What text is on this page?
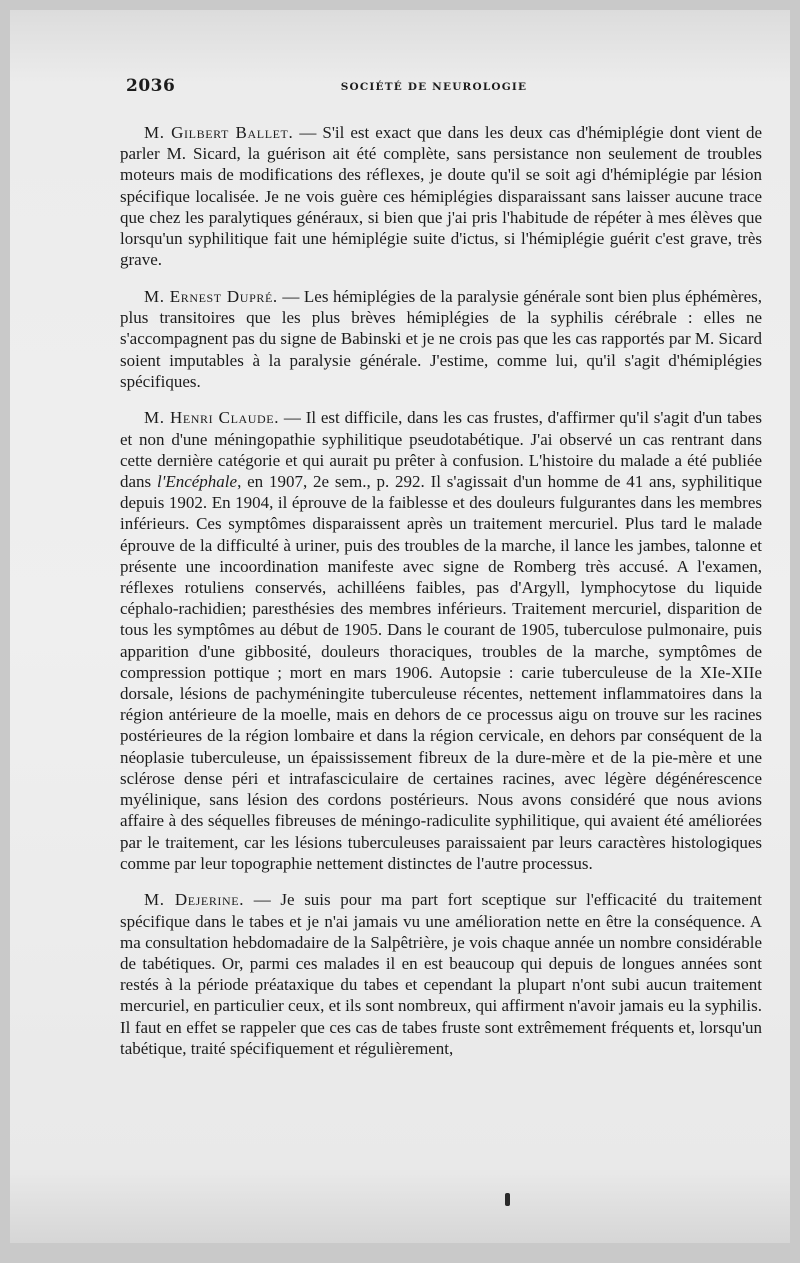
2036	SOCIÉTÉ DE NEUROLOGIE

M. Gilbert Ballet. — S'il est exact que dans les deux cas d'hémiplégie dont vient de parler M. Sicard, la guérison ait été complète, sans persistance non seulement de troubles moteurs mais de modifications des réflexes, je doute qu'il se soit agi d'hémiplégie par lésion spécifique localisée. Je ne vois guère ces hémiplégies disparaissant sans laisser aucune trace que chez les paralytiques généraux, si bien que j'ai pris l'habitude de répéter à mes élèves que lorsqu'un syphilitique fait une hémiplégie suite d'ictus, si l'hémiplégie guérit c'est grave, très grave.

M. Ernest Dupré. — Les hémiplégies de la paralysie générale sont bien plus éphémères, plus transitoires que les plus brèves hémiplégies de la syphilis cérébrale : elles ne s'accompagnent pas du signe de Babinski et je ne crois pas que les cas rapportés par M. Sicard soient imputables à la paralysie générale. J'estime, comme lui, qu'il s'agit d'hémiplégies spécifiques.

M. Henri Claude. — Il est difficile, dans les cas frustes, d'affirmer qu'il s'agit d'un tabes et non d'une méningopathie syphilitique pseudotabétique. J'ai observé un cas rentrant dans cette dernière catégorie et qui aurait pu prêter à confusion. L'histoire du malade a été publiée dans l'Encéphale, en 1907, 2e sem., p. 292. Il s'agissait d'un homme de 41 ans, syphilitique depuis 1902. En 1904, il éprouve de la faiblesse et des douleurs fulgurantes dans les membres inférieurs. Ces symptômes disparaissent après un traitement mercuriel. Plus tard le malade éprouve de la difficulté à uriner, puis des troubles de la marche, il lance les jambes, talonne et présente une incoordination manifeste avec signe de Romberg très accusé. A l'examen, réflexes rotuliens conservés, achilléens faibles, pas d'Argyll, lymphocytose du liquide céphalo-rachidien; paresthésies des membres inférieurs. Traitement mercuriel, disparition de tous les symptômes au début de 1905. Dans le courant de 1905, tuberculose pulmonaire, puis apparition d'une gibbosité, douleurs thoraciques, troubles de la marche, symptômes de compression pottique ; mort en mars 1906. Autopsie : carie tuberculeuse de la XIe-XIIe dorsale, lésions de pachyméningite tuberculeuse récentes, nettement inflammatoires dans la région antérieure de la moelle, mais en dehors de ce processus aigu on trouve sur les racines postérieures de la région lombaire et dans la région cervicale, en dehors par conséquent de la néoplasie tuberculeuse, un épaississement fibreux de la dure-mère et de la pie-mère et une sclérose dense péri et intrafasciculaire de certaines racines, avec légère dégénérescence myélinique, sans lésion des cordons postérieurs. Nous avons considéré que nous avions affaire à des séquelles fibreuses de méningo-radiculite syphilitique, qui avaient été améliorées par le traitement, car les lésions tuberculeuses paraissaient par leurs caractères histologiques comme par leur topographie nettement distinctes de l'autre processus.

M. Dejerine. — Je suis pour ma part fort sceptique sur l'efficacité du traitement spécifique dans le tabes et je n'ai jamais vu une amélioration nette en être la conséquence. A ma consultation hebdomadaire de la Salpêtrière, je vois chaque année un nombre considérable de tabétiques. Or, parmi ces malades il en est beaucoup qui depuis de longues années sont restés à la période préataxique du tabes et cependant la plupart n'ont subi aucun traitement mercuriel, en particulier ceux, et ils sont nombreux, qui affirment n'avoir jamais eu la syphilis. Il faut en effet se rappeler que ces cas de tabes fruste sont extrêmement fréquents et, lorsqu'un tabétique, traité spécifiquement et régulièrement,
